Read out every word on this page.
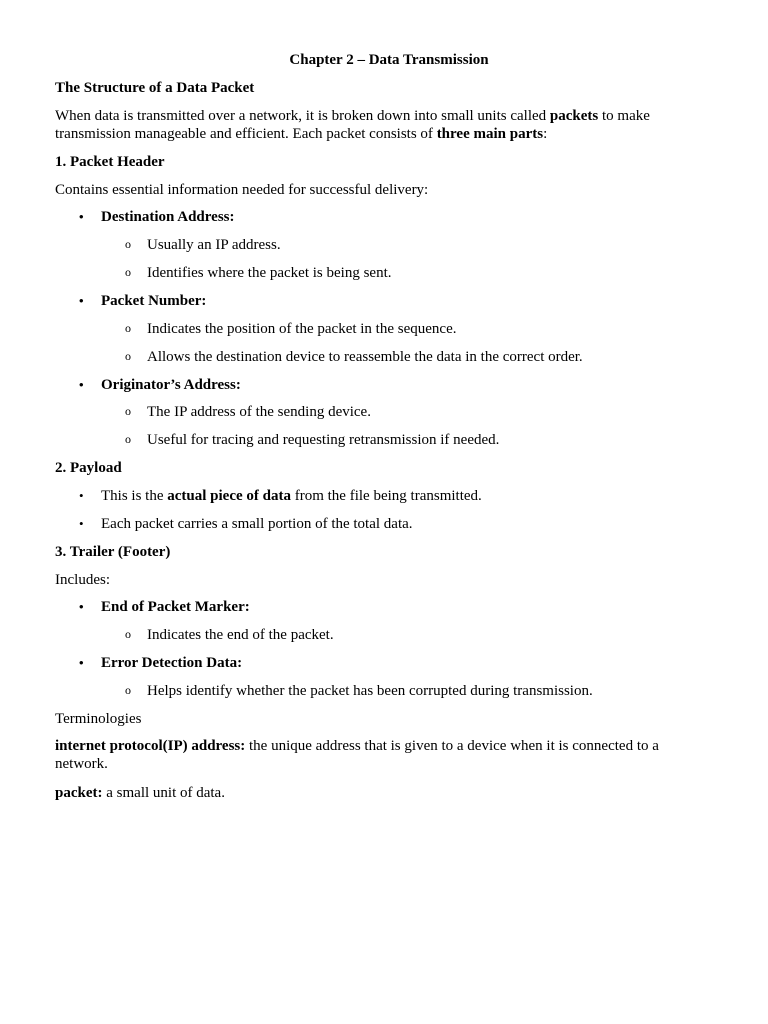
Chapter 2 – Data Transmission
The Structure of a Data Packet
When data is transmitted over a network, it is broken down into small units called packets to make transmission manageable and efficient. Each packet consists of three main parts:
1. Packet Header
Contains essential information needed for successful delivery:
• Destination Address:
o Usually an IP address.
o Identifies where the packet is being sent.
• Packet Number:
o Indicates the position of the packet in the sequence.
o Allows the destination device to reassemble the data in the correct order.
• Originator’s Address:
o The IP address of the sending device.
o Useful for tracing and requesting retransmission if needed.
2. Payload
• This is the actual piece of data from the file being transmitted.
• Each packet carries a small portion of the total data.
3. Trailer (Footer)
Includes:
• End of Packet Marker:
o Indicates the end of the packet.
• Error Detection Data:
o Helps identify whether the packet has been corrupted during transmission.
Terminologies
internet protocol(IP) address: the unique address that is given to a device when it is connected to a network.
packet: a small unit of data.
